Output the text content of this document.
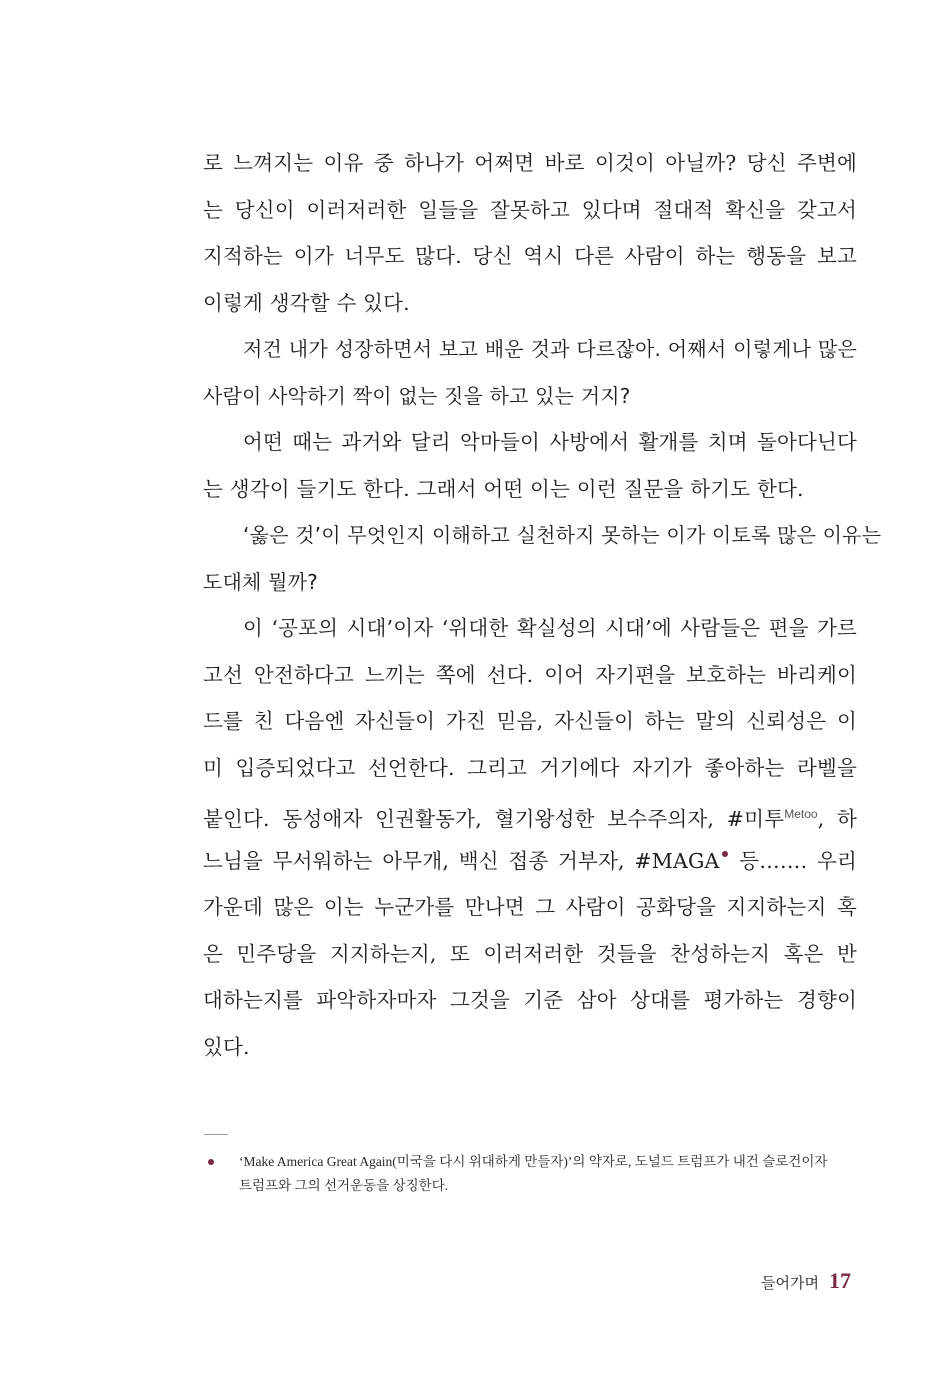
로 느껴지는 이유 중 하나가 어쩌면 바로 이것이 아닐까? 당신 주변에
는 당신이 이러저러한 일들을 잘못하고 있다며 절대적 확신을 갖고서
지적하는 이가 너무도 많다. 당신 역시 다른 사람이 하는 행동을 보고
이렇게 생각할 수 있다.
저건 내가 성장하면서 보고 배운 것과 다르잖아. 어째서 이렇게나 많은
사람이 사악하기 짝이 없는 짓을 하고 있는 거지?
어떤 때는 과거와 달리 악마들이 사방에서 활개를 치며 돌아다닌다
는 생각이 들기도 한다. 그래서 어떤 이는 이런 질문을 하기도 한다.
‘옳은 것’이 무엇인지 이해하고 실천하지 못하는 이가 이토록 많은 이유는
도대체 뭘까?
이 ‘공포의 시대’이자 ‘위대한 확실성의 시대’에 사람들은 편을 가르
고선 안전하다고 느끼는 쪽에 선다. 이어 자기편을 보호하는 바리케이
드를 친 다음엔 자신들이 가진 믿음, 자신들이 하는 말의 신뢰성은 이
미 입증되었다고 선언한다. 그리고 거기에다 자기가 좋아하는 라벨을
붙인다. 동성애자 인권활동가, 혈기왕성한 보수주의자, #미투$^{Metoo}$, 하
느님을 무서워하는 아무개, 백신 접종 거부자, #MAGA 등……. 우리
가운데 많은 이는 누군가를 만나면 그 사람이 공화당을 지지하는지 혹
은 민주당을 지지하는지, 또 이러저러한 것들을 찬성하는지 혹은 반
대하는지를 파악하자마자 그것을 기준 삼아 상대를 평가하는 경향이
있다.
‘Make America Great Again(미국을 다시 위대하게 만들자)’의 약자로, 도널드 트럼프가 내건 슬로건이자
트럼프와 그의 선거운동을 상징한다.
들어가며 17
